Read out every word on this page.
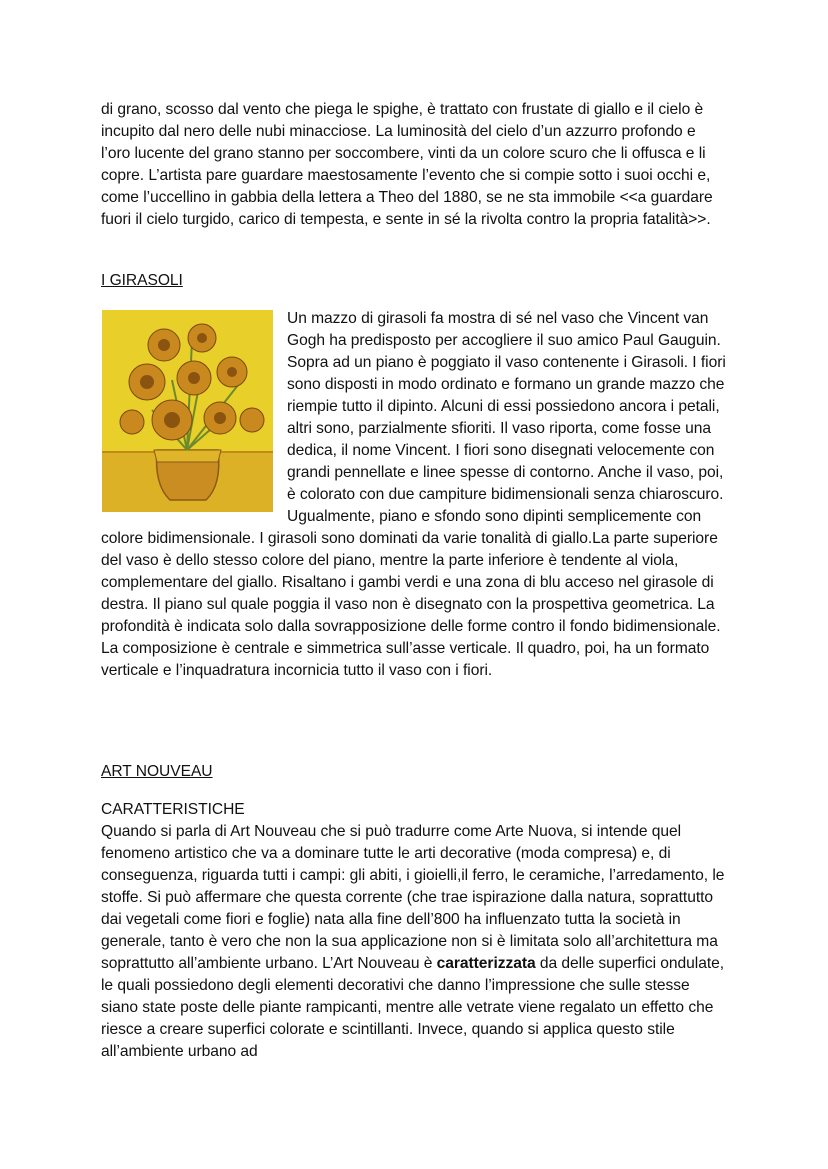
di grano, scosso dal vento che piega le spighe, è trattato con frustate di giallo e il cielo è incupito dal nero delle nubi minacciose. La luminosità del cielo d’un azzurro profondo e l’oro lucente del grano stanno per soccombere, vinti da un colore scuro che li offusca e li copre. L’artista pare guardare maestosamente l’evento che si compie sotto i suoi occhi e, come l’uccellino in gabbia della lettera a Theo del 1880, se ne sta immobile <<a guardare fuori il cielo turgido, carico di tempesta, e sente in sé la rivolta contro la propria fatalità>>.

I GIRASOLI

Un mazzo di girasoli fa mostra di sé nel vaso che Vincent van Gogh ha predisposto per accogliere il suo amico Paul Gauguin. Sopra ad un piano è poggiato il vaso contenente i Girasoli. I fiori sono disposti in modo ordinato e formano un grande mazzo che riempie tutto il dipinto. Alcuni di essi possiedono ancora i petali, altri sono, parzialmente sfioriti. Il vaso riporta, come fosse una dedica, il nome Vincent. I fiori sono disegnati velocemente con grandi pennellate e linee spesse di contorno. Anche il vaso, poi, è colorato con due campiture bidimensionali senza chiaroscuro. Ugualmente, piano e sfondo sono dipinti semplicemente con colore bidimensionale. I girasoli sono dominati da varie tonalità di giallo.La parte superiore del vaso è dello stesso colore del piano, mentre la parte inferiore è tendente al viola, complementare del giallo. Risaltano i gambi verdi e una zona di blu acceso nel girasole di destra. Il piano sul quale poggia il vaso non è disegnato con la prospettiva geometrica. La profondità è indicata solo dalla sovrapposizione delle forme contro il fondo bidimensionale. La composizione è centrale e simmetrica sull’asse verticale. Il quadro, poi, ha un formato verticale e l’inquadratura incornicia tutto il vaso con i fiori.

ART NOUVEAU

CARATTERISTICHE

Quando si parla di Art Nouveau che si può tradurre come Arte Nuova, si intende quel fenomeno artistico che va a dominare tutte le arti decorative (moda compresa) e, di conseguenza, riguarda tutti i campi: gli abiti, i gioielli,il ferro, le ceramiche, l’arredamento, le stoffe. Si può affermare che questa corrente (che trae ispirazione dalla natura, soprattutto dai vegetali come fiori e foglie) nata alla fine dell’800 ha influenzato tutta la società in generale, tanto è vero che non la sua applicazione non si è limitata solo all’architettura ma soprattutto all’ambiente urbano. L’Art Nouveau è caratterizzata da delle superfici ondulate, le quali possiedono degli elementi decorativi che danno l’impressione che sulle stesse siano state poste delle piante rampicanti, mentre alle vetrate viene regalato un effetto che riesce a creare superfici colorate e scintillanti. Invece, quando si applica questo stile all’ambiente urbano ad
